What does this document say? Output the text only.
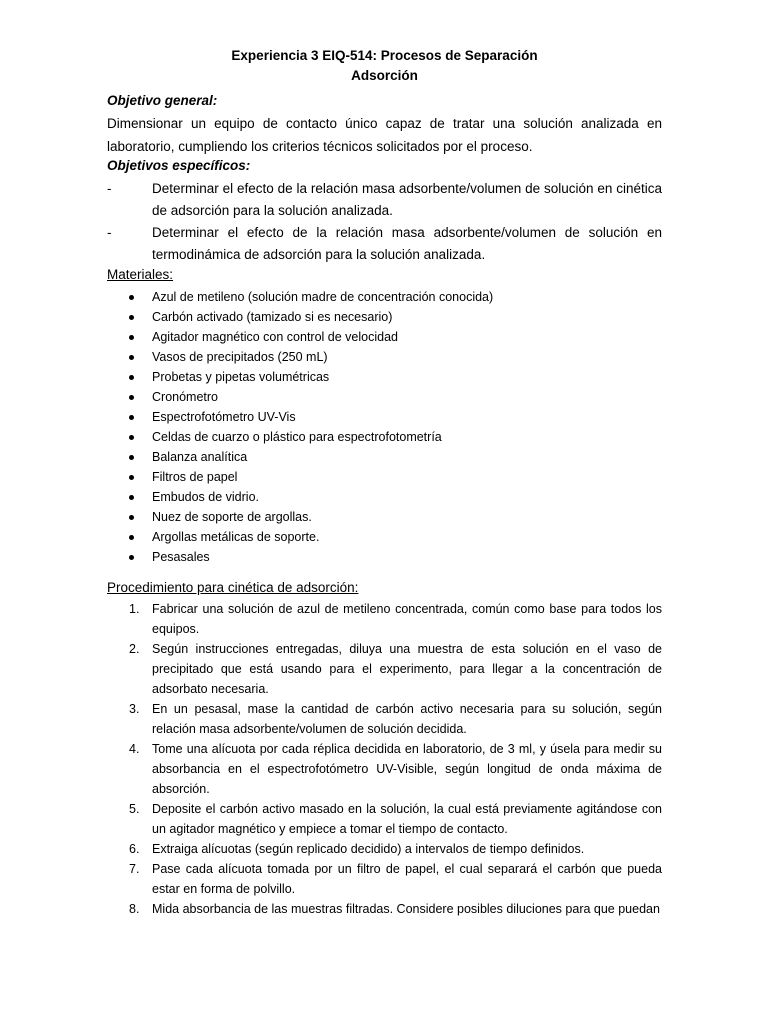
Experiencia 3 EIQ-514: Procesos de Separación
Adsorción
Objetivo general:
Dimensionar un equipo de contacto único capaz de tratar una solución analizada en laboratorio, cumpliendo los criterios técnicos solicitados por el proceso.
Objetivos específicos:
-	Determinar el efecto de la relación masa adsorbente/volumen de solución en cinética de adsorción para la solución analizada.
-	Determinar el efecto de la relación masa adsorbente/volumen de solución en termodinámica de adsorción para la solución analizada.
Materiales:
Azul de metileno (solución madre de concentración conocida)
Carbón activado (tamizado si es necesario)
Agitador magnético con control de velocidad
Vasos de precipitados (250 mL)
Probetas y pipetas volumétricas
Cronómetro
Espectrofotómetro UV-Vis
Celdas de cuarzo o plástico para espectrofotometría
Balanza analítica
Filtros de papel
Embudos de vidrio.
Nuez de soporte de argollas.
Argollas metálicas de soporte.
Pesasales
Procedimiento para cinética de adsorción:
1. Fabricar una solución de azul de metileno concentrada, común como base para todos los equipos.
2. Según instrucciones entregadas, diluya una muestra de esta solución en el vaso de precipitado que está usando para el experimento, para llegar a la concentración de adsorbato necesaria.
3. En un pesasal, mase la cantidad de carbón activo necesaria para su solución, según relación masa adsorbente/volumen de solución decidida.
4. Tome una alícuota por cada réplica decidida en laboratorio, de 3 ml, y úsela para medir su absorbancia en el espectrofotómetro UV-Visible, según longitud de onda máxima de absorción.
5. Deposite el carbón activo masado en la solución, la cual está previamente agitándose con un agitador magnético y empiece a tomar el tiempo de contacto.
6. Extraiga alícuotas (según replicado decidido) a intervalos de tiempo definidos.
7. Pase cada alícuota tomada por un filtro de papel, el cual separará el carbón que pueda estar en forma de polvillo.
8. Mida absorbancia de las muestras filtradas. Considere posibles diluciones para que puedan
